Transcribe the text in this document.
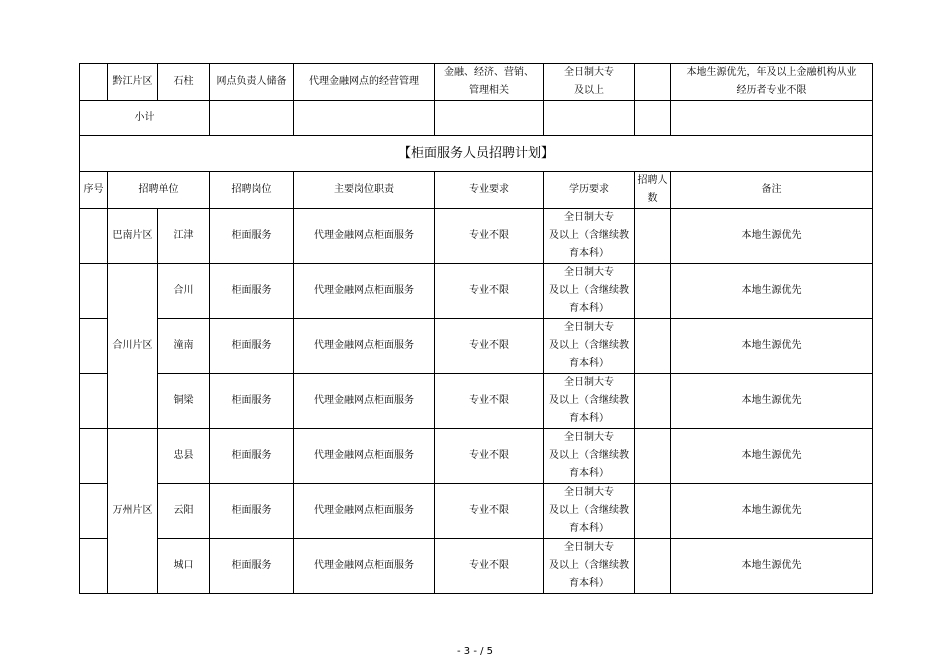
	黔江片区	石柱	网点负责人储备	代理金融网点的经营管理	金融、经济、营销、
管理相关	全日制大专
及以上		本地生源优先，年及以上金融机构从业
经历者专业不限

小计								
【柜面服务人员招聘计划】								
序号	招聘单位		招聘岗位	主要岗位职责	专业要求	学历要求	招聘人
数	备注
	巴南片区	江津	柜面服务	代理金融网点柜面服务	专业不限	全日制大专
及以上（含继续教
育本科）		本地生源优先
	合川片区	合川	柜面服务	代理金融网点柜面服务	专业不限	全日制大专
及以上（含继续教
育本科）		本地生源优先
		潼南	柜面服务	代理金融网点柜面服务	专业不限	全日制大专
及以上（含继续教
育本科）		本地生源优先
		铜梁	柜面服务	代理金融网点柜面服务	专业不限	全日制大专
及以上（含继续教
育本科）		本地生源优先
	万州片区	忠县	柜面服务	代理金融网点柜面服务	专业不限	全日制大专
及以上（含继续教
育本科）		本地生源优先
		云阳	柜面服务	代理金融网点柜面服务	专业不限	全日制大专
及以上（含继续教
育本科）		本地生源优先
		城口	柜面服务	代理金融网点柜面服务	专业不限	全日制大专
及以上（含继续教
育本科）		本地生源优先
- 3 - / 5
